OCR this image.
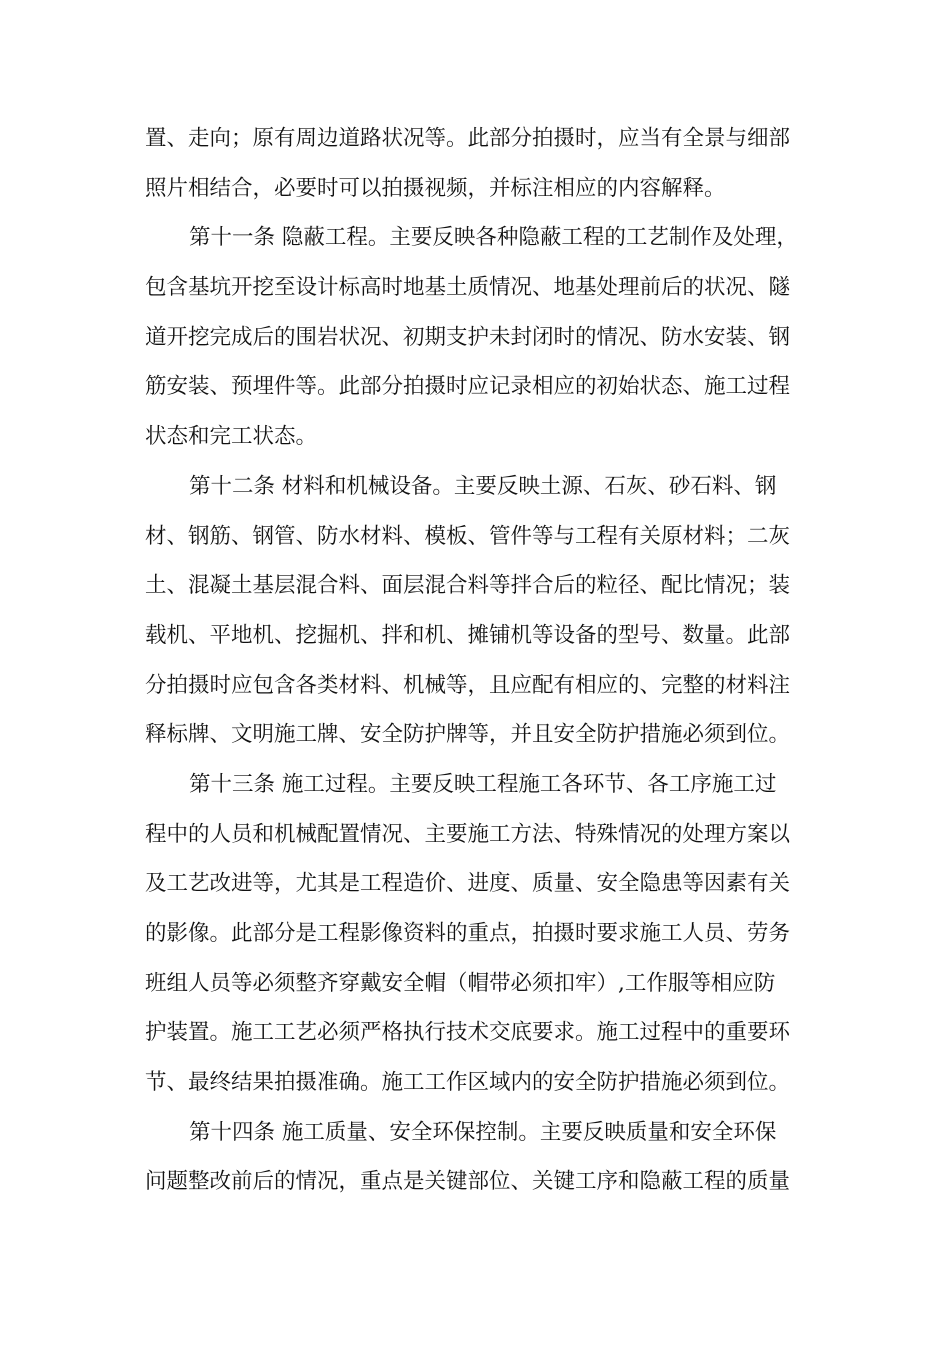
置、走向；原有周边道路状况等。此部分拍摄时，应当有全景与细部
照片相结合，必要时可以拍摄视频，并标注相应的内容解释。
第十一条 隐蔽工程。主要反映各种隐蔽工程的工艺制作及处理，
包含基坑开挖至设计标高时地基土质情况、地基处理前后的状况、隧
道开挖完成后的围岩状况、初期支护未封闭时的情况、防水安装、钢
筋安装、预埋件等。此部分拍摄时应记录相应的初始状态、施工过程
状态和完工状态。
第十二条 材料和机械设备。主要反映土源、石灰、砂石料、钢
材、钢筋、钢管、防水材料、模板、管件等与工程有关原材料；二灰
土、混凝土基层混合料、面层混合料等拌合后的粒径、配比情况；装
载机、平地机、挖掘机、拌和机、摊铺机等设备的型号、数量。此部
分拍摄时应包含各类材料、机械等，且应配有相应的、完整的材料注
释标牌、文明施工牌、安全防护牌等，并且安全防护措施必须到位。
第十三条 施工过程。主要反映工程施工各环节、各工序施工过
程中的人员和机械配置情况、主要施工方法、特殊情况的处理方案以
及工艺改进等，尤其是工程造价、进度、质量、安全隐患等因素有关
的影像。此部分是工程影像资料的重点，拍摄时要求施工人员、劳务
班组人员等必须整齐穿戴安全帽（帽带必须扣牢）,工作服等相应防
护装置。施工工艺必须严格执行技术交底要求。施工过程中的重要环
节、最终结果拍摄准确。施工工作区域内的安全防护措施必须到位。
第十四条 施工质量、安全环保控制。主要反映质量和安全环保
问题整改前后的情况，重点是关键部位、关键工序和隐蔽工程的质量
